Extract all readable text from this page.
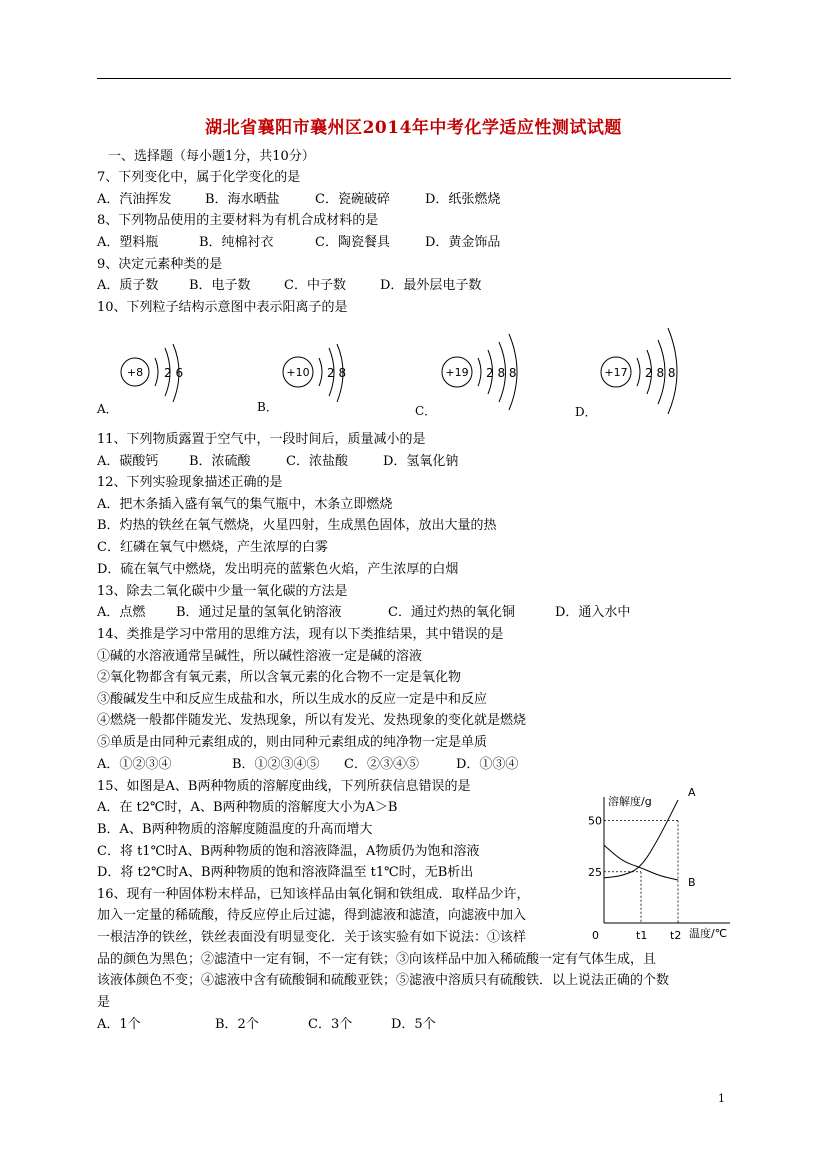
湖北省襄阳市襄州区2014年中考化学适应性测试试题
一、选择题（每小题1分，共10分）
7、下列变化中，属于化学变化的是
A．汽油挥发	B．海水晒盐	C．瓷碗破碎	D．纸张燃烧
8、下列物品使用的主要材料为有机合成材料的是
A．塑料瓶	B．纯棉衬衣	C．陶瓷餐具	D．黄金饰品
9、决定元素种类的是
A．质子数 B．电子数	C．中子数	D．最外层电子数
10、下列粒子结构示意图中表示阳离子的是
A．
+8 2 6
B．
+10 2 8
C．
+19 2 8 8
D．
+17 2 8 8
11、下列物质露置于空气中，一段时间后，质量减小的是
A．碳酸钙 B．浓硫酸	C．浓盐酸	D．氢氧化钠
12、下列实验现象描述正确的是
A．把木条插入盛有氧气的集气瓶中，木条立即燃烧
B．灼热的铁丝在氧气燃烧，火星四射，生成黑色固体，放出大量的热
C．红磷在氧气中燃烧，产生浓厚的白雾
D．硫在氧气中燃烧，发出明亮的蓝紫色火焰，产生浓厚的白烟
13、除去二氧化碳中少量一氧化碳的方法是
A．点燃 B．通过足量的氢氧化钠溶液	C．通过灼热的氧化铜	D．通入水中
14、类推是学习中常用的思维方法，现有以下类推结果，其中错误的是
①碱的水溶液通常呈碱性，所以碱性溶液一定是碱的溶液
②氧化物都含有氧元素，所以含氧元素的化合物不一定是氧化物
③酸碱发生中和反应生成盐和水，所以生成水的反应一定是中和反应
④燃烧一般都伴随发光、发热现象，所以有发光、发热现象的变化就是燃烧
⑤单质是由同种元素组成的，则由同种元素组成的纯净物一定是单质
A．①②③④	B．①②③④⑤ C．②③④⑤	D．①③④
15、如图是A、B两种物质的溶解度曲线，下列所获信息错误的是
A．在 t2℃时，A、B两种物质的溶解度大小为A＞B
B．A、B两种物质的溶解度随温度的升高而增大
C．将 t1℃时A、B两种物质的饱和溶液降温，A物质仍为饱和溶液
D．将 t2℃时A、B两种物质的饱和溶液降温至 t1℃时，无B析出
溶解度/g
25
50
A
B
0	t1 t2 温度/℃
16、现有一种固体粉末样品，已知该样品由氧化铜和铁组成．取样品少许，
加入一定量的稀硫酸，待反应停止后过滤，得到滤液和滤渣，向滤液中加入
一根洁净的铁丝，铁丝表面没有明显变化．关于该实验有如下说法：①该样
品的颜色为黑色；②滤渣中一定有铜，不一定有铁；③向该样品中加入稀硫酸一定有气体生成，且
该液体颜色不变；④滤液中含有硫酸铜和硫酸亚铁；⑤滤液中溶质只有硫酸铁．以上说法正确的个数
是
A．1个	B．2个	C．3个	D．5个
1
